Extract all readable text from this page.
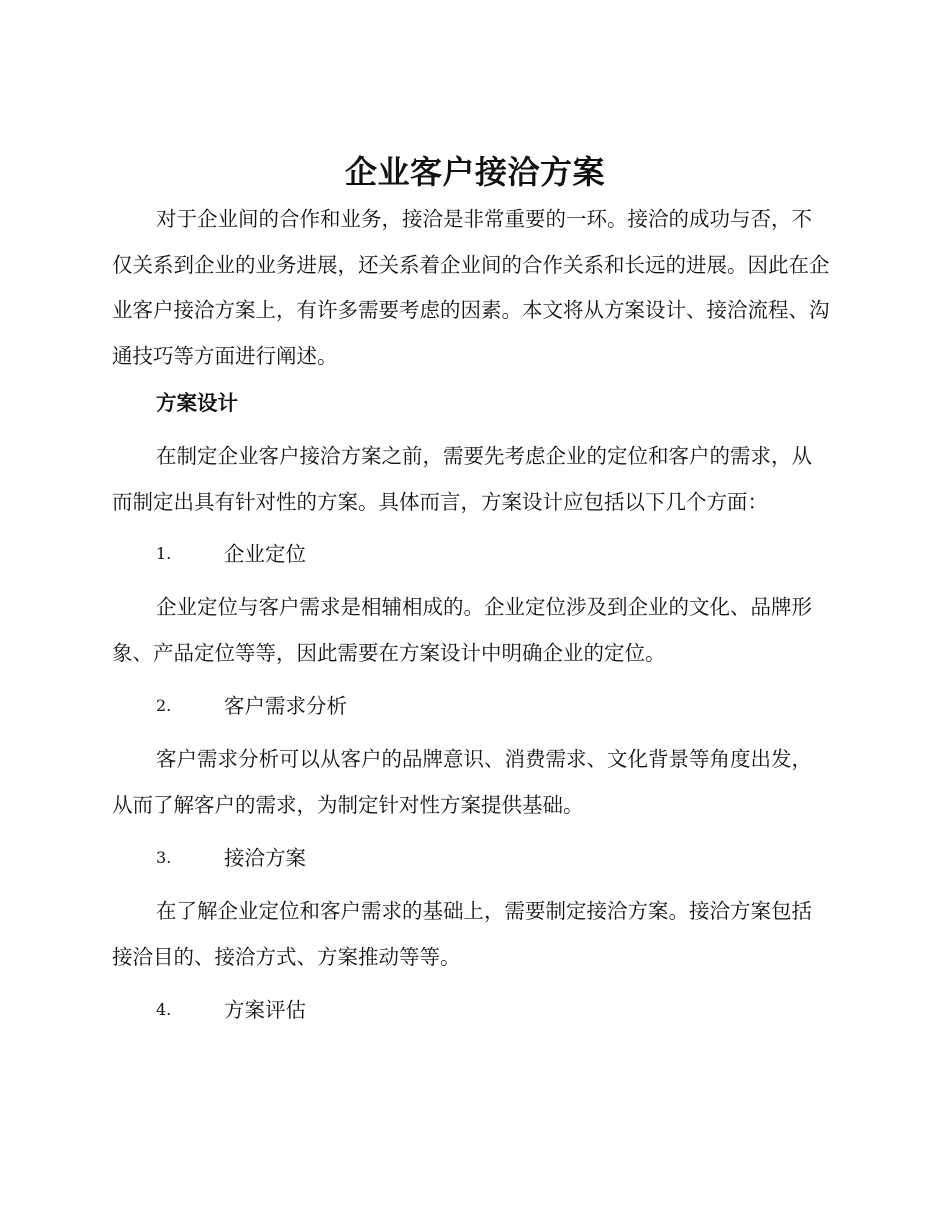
企业客户接洽方案

对于企业间的合作和业务，接洽是非常重要的一环。接洽的成功与否，不仅关系到企业的业务进展，还关系着企业间的合作关系和长远的进展。因此在企业客户接洽方案上，有许多需要考虑的因素。本文将从方案设计、接洽流程、沟通技巧等方面进行阐述。

方案设计

在制定企业客户接洽方案之前，需要先考虑企业的定位和客户的需求，从而制定出具有针对性的方案。具体而言，方案设计应包括以下几个方面：

1.	企业定位

企业定位与客户需求是相辅相成的。企业定位涉及到企业的文化、品牌形象、产品定位等等，因此需要在方案设计中明确企业的定位。

2.	客户需求分析

客户需求分析可以从客户的品牌意识、消费需求、文化背景等角度出发，从而了解客户的需求，为制定针对性方案提供基础。

3.	接洽方案

在了解企业定位和客户需求的基础上，需要制定接洽方案。接洽方案包括接洽目的、接洽方式、方案推动等等。

4.	方案评估
